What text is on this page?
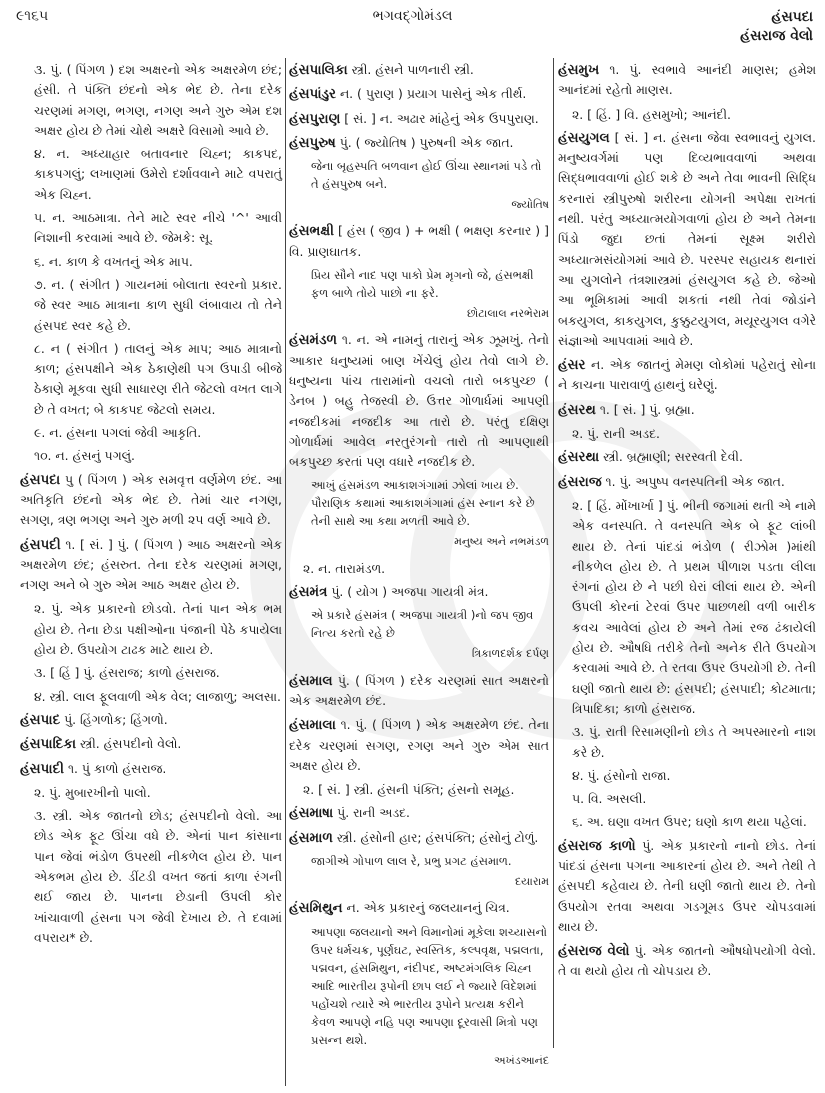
૯૧૬૫	ભગવદ્ગોમંડલ	હંસપદા
હંસરાજ વેલો
૩. પું. ( પિંગળ ) દશ અક્ષરનો એક અક્ષરમેળ છંદ; હંસી. તે પંક્તિ છંદનો એક ભેદ છે. તેના દરેક ચરણમાં મગણ, ભગણ, નગણ અને ગુરુ એમ દશ અક્ષર હોય છે તેમાં ચોથે અક્ષરે વિસામો આવે છે.
૪. ન. અધ્યાહાર બતાવનાર ચિહ્ન; કાકપદ, કાકપગલું; લખાણમાં ઉમેરો દર્શાવવાને માટે વપરાતું એક ચિહ્ન.
૫. ન. આઠમાત્રા. તેને માટે સ્વર નીચે '^' આવી નિશાની કરવામાં આવે છે. જેમકે: સૂ.
૬. ન. કાળ કે વખતનું એક માપ.
૭. ન. ( સંગીત ) ગાયનમાં બોલાતા સ્વરનો પ્રકાર. જે સ્વર આઠ માત્રાના કાળ સુધી લંબાવાય તો તેને હંસપદ સ્વર કહે છે.
૮. ન ( સંગીત ) તાલનું એક માપ; આઠ માત્રાનો કાળ; હંસપક્ષીને એક ઠેકાણેથી પગ ઉપાડી બીજે ઠેકાણે મૂકવા સુધી સાધારણ રીતે જેટલો વખત લાગે છે તે વખત; બે કાકપદ જેટલો સમય.
૯. ન. હંસના પગલાં જેવી આકૃતિ.
૧૦. ન. હંસનું પગલું.
હંસપદા પુ ( પિંગળ ) એક સમવૃત્ત વર્ણમેળ છંદ. આ અતિકૃતિ છંદનો એક ભેદ છે. તેમાં ચાર નગણ, સગણ, ત્રણ ભગણ અને ગુરુ મળી ૨૫ વર્ણ આવે છે.
હંસપદી ૧. [ સં. ] પું. ( પિંગળ ) આઠ અક્ષરનો એક અક્ષરમેળ છંદ; હંસરુત. તેના દરેક ચરણમાં મગણ, નગણ અને બે ગુરુ એમ આઠ અક્ષર હોય છે.
૨. પું. એક પ્રકારનો છોડવો. તેનાં પાન એક ભમ હોય છે. તેના છેડા પક્ષીઓના પંજાની પેઠે કપાયેલા હોય છે. ઉપયોગ ટાઢક માટે થાય છે.
૩. [ હિં ] પું. હંસરાજ; કાળો હંસરાજ.
૪. સ્ત્રી. લાલ ફૂલવાળી એક વેલ; લાજાળુ; અલસા.
હંસપાદ પું. હિંગળોક; હિંગળો.
હંસપાદિકા સ્ત્રી. હંસપદીનો વેલો.
હંસપાદી ૧. પું કાળો હંસરાજ.
૨. પું. મુબારખીનો પાલો.
૩. સ્ત્રી. એક જાતનો છોડ; હંસપદીનો વેલો. આ છોડ એક ફૂટ ઊંચા વધે છે. એનાં પાન કાંસાના પાન જેવાં ભંડોળ ઉપરથી નીકળેલ હોય છે. પાન એકભમ હોય છે. ડીંટડી વખત જતાં કાળા રંગની થઈ જાય છે. પાનના છેડાની ઉપલી કોર ખાંચાવાળી હંસના પગ જેવી દેખાય છે. તે દવામાં વપરાય* છે.
હંસપાલિકા સ્ત્રી. હંસને પાળનારી સ્ત્રી.
હંસપાંડુર ન. ( પુરાણ ) પ્રયાગ પાસેનું એક તીર્થ.
હંસપુરાણ [ સં. ] ન. અઢાર માંહેનું એક ઉપપુરાણ.
હંસપુરુષ પું. ( જ્યોતિષ ) પુરુષની એક જાત.
જેના બૃહસ્પતિ બળવાન હોઈ ઊંચા સ્થાનમાં પડે તો તે હંસપુરુષ બને.
જ્યોતિષ
હંસભક્ષી [ હંસ ( જીવ ) + ભક્ષી ( ભક્ષણ કરનાર ) ] વિ. પ્રાણઘાતક.
પ્રિય સૌને નાદ પણ પાકો પ્રેમ મૃગનો જે, હંસભક્ષી ફળ બાળે તોયે પાછો ના ફરે.
છોટાલાલ નરભેરામ
હંસમંડળ ૧. ન. એ નામનું તારાનું એક ઝૂમખું. તેનો આકાર ધનુષ્યમાં બાણ ખેંચેલું હોય તેવો લાગે છે. ધનુષ્યના પાંચ તારામાંનો વચલો તારો બકપુચ્છ ( ડેનબ ) બહુ તેજસ્વી છે. ઉત્તર ગોળાર્ધમાં આપણી નજદીકમાં નજદીક આ તારો છે. પરંતુ દક્ષિણ ગોળાર્ધમાં આવેલ નરતુરંગનો તારો તો આપણાથી બકપુચ્છ કરતાં પણ વધારે નજદીક છે.
આખું હંસમંડળ આકાશગંગામાં ઝોલાં ખાય છે. પૌરાણિક કથામાં આકાશગંગામાં હંસ સ્નાન કરે છે તેની સાથે આ કથા મળતી આવે છે.
મનુષ્ય અને નભમંડળ
૨. ન. તારામંડળ.
હંસમંત્ર પું. ( યોગ ) અજપા ગાયત્રી મંત્ર.
એ પ્રકારે હંસમંત્ર ( અજપા ગાયત્રી )નો જપ જીવ નિત્ય કરતો રહે છે
ત્રિકાળદર્શક દર્પણ
હંસમાલ પું. ( પિંગળ ) દરેક ચરણમાં સાત અક્ષરનો એક અક્ષરમેળ છંદ.
હંસમાલા ૧. પું. ( પિંગળ ) એક અક્ષરમેળ છંદ. તેના દરેક ચરણમાં સગણ, રગણ અને ગુરુ એમ સાત અક્ષર હોય છે.
૨. [ સં. ] સ્ત્રી. હંસની પંક્તિ; હંસનો સમૂહ.
હંસમાષા પું. રાની અડદ.
હંસમાળ સ્ત્રી. હંસોની હાર; હંસપંક્તિ; હંસોનું ટોળું.
જાગીએ ગોપાળ લાલ રે, પ્રભુ પ્રગટ હંસમાળ.
દયારામ
હંસમિથુન ન. એક પ્રકારનું જલયાનનું ચિત્ર.
આપણા જલયાનો અને વિમાનોમાં મૂકેલા શચ્યાસનો ઉપર ધર્મચક્ર, પૂર્ણઘટ, સ્વસ્તિક, કલ્પવૃક્ષ, પદ્મલતા, પદ્મવન, હંસમિથુન, નંદીપદ, અષ્ટમંગલિક ચિહ્ન આદિ ભારતીય રૂપોની છાપ લઈ ને જ્યારે વિદેશમાં પહોંચશે ત્યારે એ ભારતીય રૂપોને પ્રત્યક્ષ કરીને કેવળ આપણે નહિ પણ આપણા દૂરવાસી મિત્રો પણ પ્રસન્ન થશે.
અખંડઆનંદ
હંસમુખ ૧. પું. સ્વભાવે આનંદી માણસ; હમેશ આનંદમાં રહેતો માણસ.
૨. [ હિં. ] વિ. હસમુખો; આનંદી.
હંસયુગલ [ સં. ] ન. હંસના જેવા સ્વભાવનું યુગલ. મનુષ્યવર્ગમાં પણ દિવ્યભાવવાળાં અથવા સિદ્ધભાવવાળાં હોઈ શકે છે અને તેવા ભાવની સિદ્ધિ કરનારાં સ્ત્રીપુરુષો શરીરના યોગની અપેક્ષા રાખતાં નથી. પરંતુ અધ્યાત્મયોગવાળાં હોય છે અને તેમના પિંડો જુદા છતાં તેમનાં સૂક્ષ્મ શરીરો અધ્યાત્મસંયોગમાં આવે છે. પરસ્પર સહાયક થનારાં આ યુગલોને તંત્રશાસ્ત્રમાં હંસયુગલ કહે છે. જેઓ આ ભૂમિકામાં આવી શકતાં નથી તેવાં જોડાંને બકયુગલ, કાકયુગલ, કુક્કુટયુગલ, મયૂરયુગલ વગેરે સંજ્ઞાઓ આપવામાં આવે છે.
હંસર ન. એક જાતનું મેમણ લોકોમાં પહેરાતું સોના ને કાચના પારાવાળું હાથનું ઘરેણું.
હંસરથ ૧. [ સં. ] પું. બ્રહ્મા.
૨. પું. રાની અડદ.
હંસરથા સ્ત્રી. બ્રહ્માણી; સરસ્વતી દેવી.
હંસરાજ ૧. પું. અપુષ્પ વનસ્પતિની એક જાત.
૨. [ હિં. મોંખાર્ખા ] પું. ભીની જગામાં થતી એ નામે એક વનસ્પતિ. તે વનસ્પતિ એક બે ફૂટ લાંબી થાય છે. તેનાં પાંદડાં ભંડોળ ( રીઝોમ )માંથી નીકળેલ હોય છે. તે પ્રથમ પીળાશ પડતા લીલા રંગનાં હોય છે ને પછી ઘેરાં લીલાં થાય છે. એની ઉપલી કોરનાં ટેરવાં ઉપર પાછળથી વળી બારીક કવચ આવેલાં હોય છે અને તેમાં રજ ઢંકાયેલી હોય છે. ઔષધિ તરીકે તેનો અનેક રીતે ઉપયોગ કરવામાં આવે છે. તે રતવા ઉપર ઉપયોગી છે. તેની ઘણી જાતો થાય છે: હંસપદી; હંસપાદી; કોટમાતા; ત્રિપાદિકા; કાળો હંસરાજ.
૩. પું. રાતી રિસામણીનો છોડ તે અપસ્મારનો નાશ કરે છે.
૪. પું. હંસોનો રાજા.
૫. વિ. અસલી.
૬. અ. ઘણા વખત ઉપર; ઘણો કાળ થયા પહેલાં.
હંસરાજ કાળો પું. એક પ્રકારનો નાનો છોડ. તેનાં પાંદડાં હંસના પગના આકારનાં હોય છે. અને તેથી તે હંસપદી કહેવાય છે. તેની ઘણી જાતો થાય છે. તેનો ઉપયોગ રતવા અથવા ગડગૂમડ ઉપર ચોપડવામાં થાય છે.
હંસરાજ વેલો પું. એક જાતનો ઔષધોપયોગી વેલો. તે વા થયો હોય તો ચોપડાય છે.
